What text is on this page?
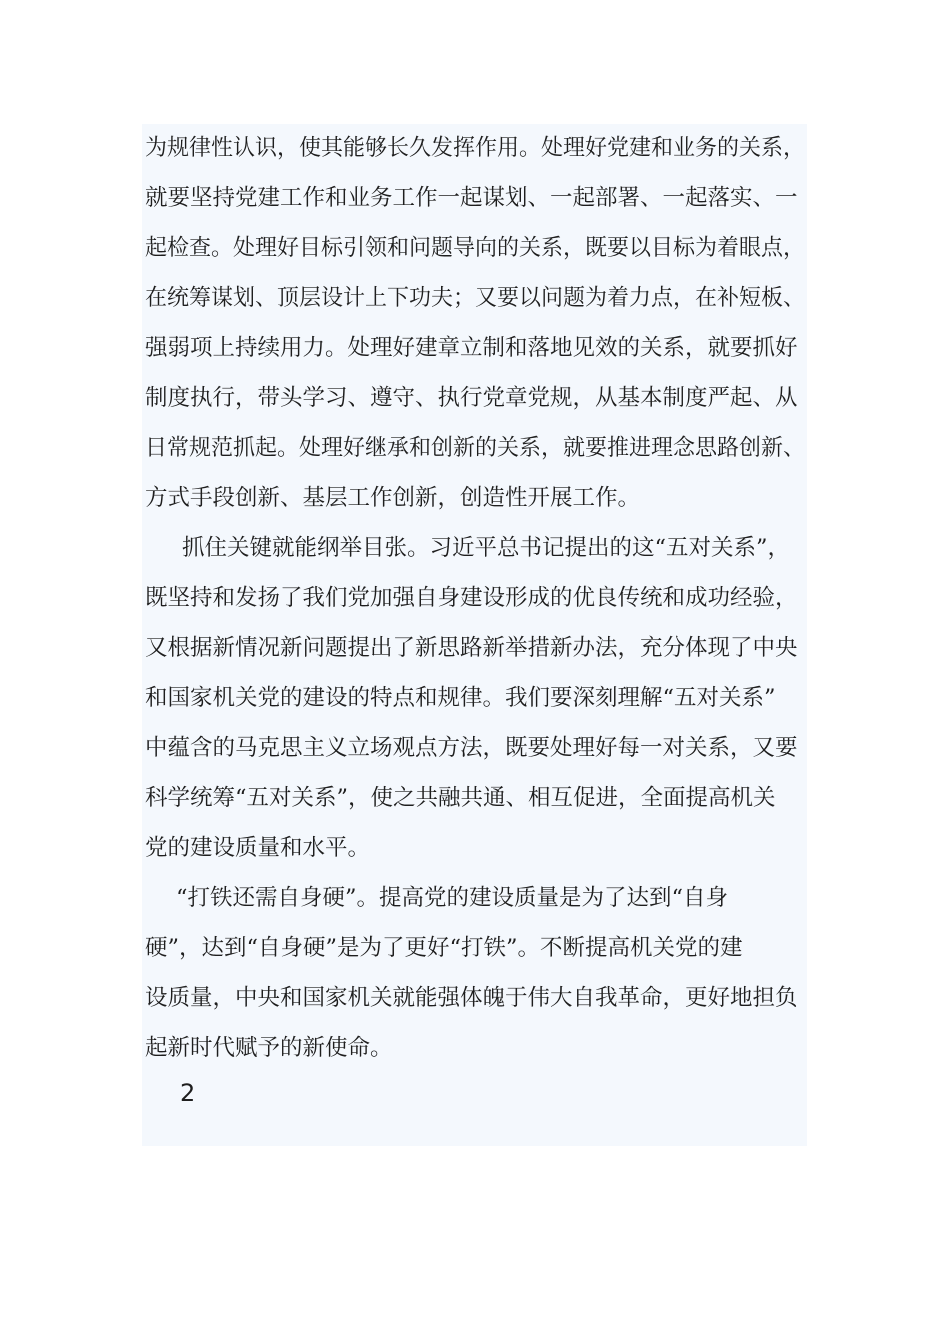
为规律性认识，使其能够长久发挥作用。处理好党建和业务的关系，
就要坚持党建工作和业务工作一起谋划、一起部署、一起落实、一
起检查。处理好目标引领和问题导向的关系，既要以目标为着眼点，
在统筹谋划、顶层设计上下功夫；又要以问题为着力点，在补短板、
强弱项上持续用力。处理好建章立制和落地见效的关系，就要抓好
制度执行，带头学习、遵守、执行党章党规，从基本制度严起、从
日常规范抓起。处理好继承和创新的关系，就要推进理念思路创新、
方式手段创新、基层工作创新，创造性开展工作。
抓住关键就能纲举目张。习近平总书记提出的这“五对关系”，
既坚持和发扬了我们党加强自身建设形成的优良传统和成功经验，
又根据新情况新问题提出了新思路新举措新办法，充分体现了中央
和国家机关党的建设的特点和规律。我们要深刻理解“五对关系”
中蕴含的马克思主义立场观点方法，既要处理好每一对关系，又要
科学统筹“五对关系”，使之共融共通、相互促进，全面提高机关
党的建设质量和水平。
“打铁还需自身硬”。提高党的建设质量是为了达到“自身
硬”，达到“自身硬”是为了更好“打铁”。不断提高机关党的建
设质量，中央和国家机关就能强体魄于伟大自我革命，更好地担负
起新时代赋予的新使命。
2
